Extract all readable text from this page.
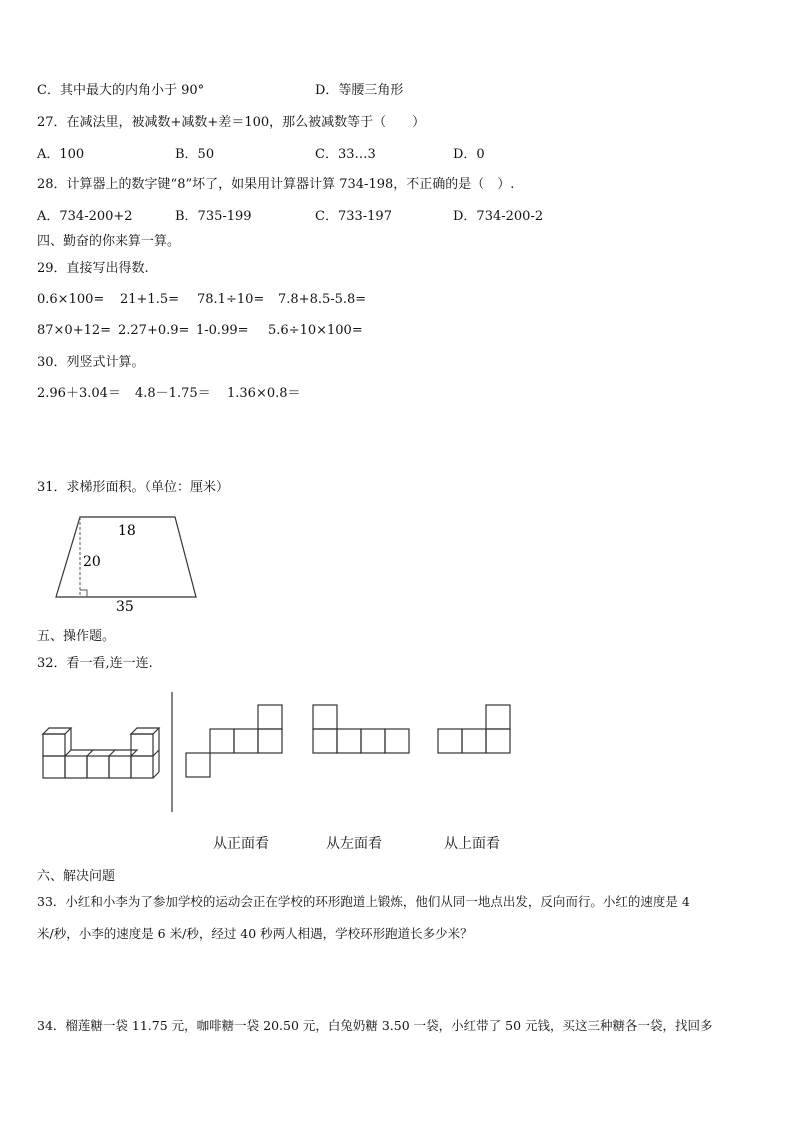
C．其中最大的内角小于 90°	D．等腰三角形
27．在减法里，被减数+减数+差＝100，那么被减数等于（　　）
A．100	B．50	C．33…3	D．0
28．计算器上的数字键“8”坏了，如果用计算器计算 734-198，不正确的是（　）.
A．734-200+2	B．735-199	C．733-197	D．734-200-2
四、勤奋的你来算一算。
29．直接写出得数.
0.6×100= 21+1.5= 78.1÷10= 7.8+8.5-5.8=
87×0+12= 2.27+0.9= 1-0.99= 5.6÷10×100=
30．列竖式计算。
2.96＋3.04＝ 4.8－1.75＝ 1.36×0.8＝
31．求梯形面积。（单位：厘米）
18
20
35
五、操作题。
32．看一看,连一连.
从正面看	从左面看	从上面看
六、解决问题
33．小红和小李为了参加学校的运动会正在学校的环形跑道上锻炼，他们从同一地点出发，反向而行。小红的速度是 4
米/秒，小李的速度是 6 米/秒，经过 40 秒两人相遇，学校环形跑道长多少米？
34．榴莲糖一袋 11.75 元，咖啡糖一袋 20.50 元，白兔奶糖 3.50 一袋，小红带了 50 元钱，买这三种糖各一袋，找回多
